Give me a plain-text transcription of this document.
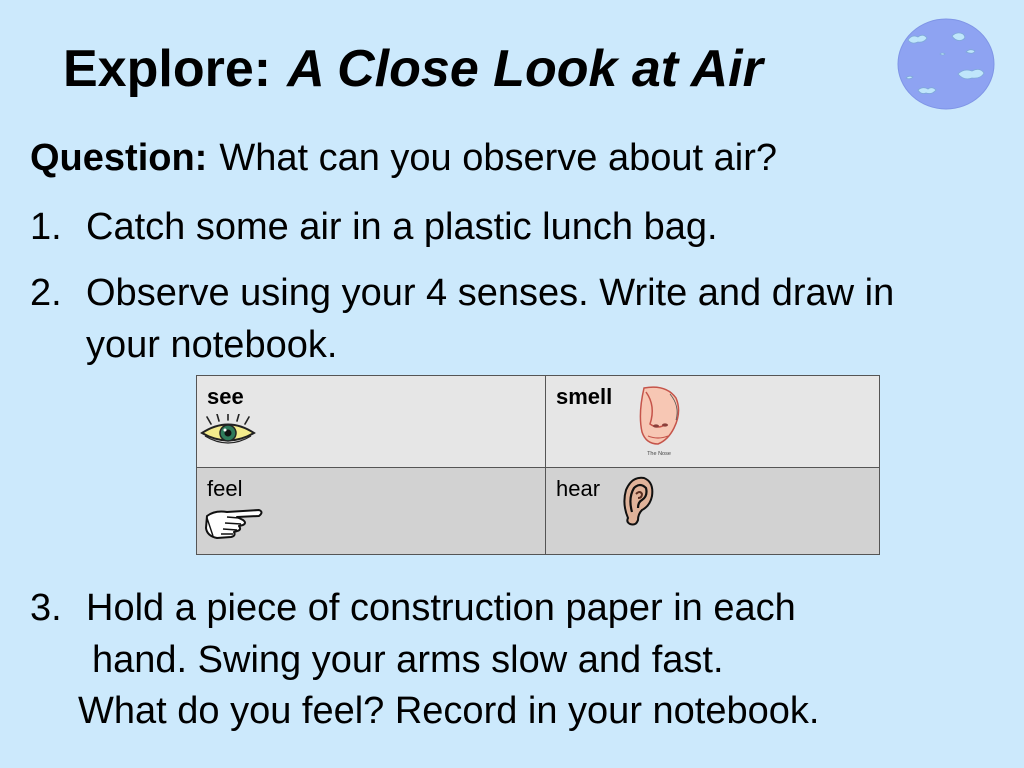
Explore: A Close Look at Air
Question: What can you observe about air?
1. Catch some air in a plastic lunch bag.
2. Observe using your 4 senses. Write and draw in your notebook.
see	smell
The Nose

feel	hear
3. Hold a piece of construction paper in each
hand. Swing your arms slow and fast.
What do you feel? Record in your notebook.
